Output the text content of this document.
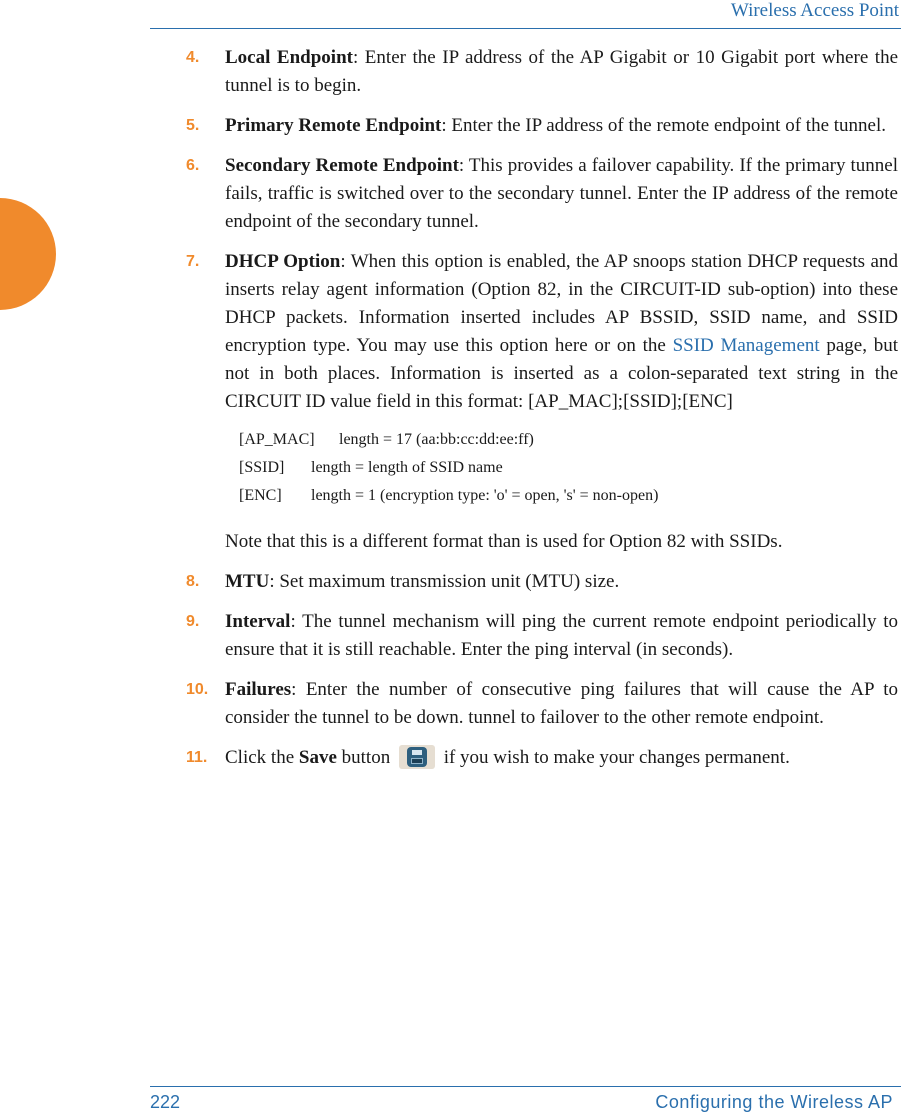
Wireless Access Point
4. Local Endpoint: Enter the IP address of the AP Gigabit or 10 Gigabit port where the tunnel is to begin.
5. Primary Remote Endpoint: Enter the IP address of the remote endpoint of the tunnel.
6. Secondary Remote Endpoint: This provides a failover capability. If the primary tunnel fails, traffic is switched over to the secondary tunnel. Enter the IP address of the remote endpoint of the secondary tunnel.
7. DHCP Option: When this option is enabled, the AP snoops station DHCP requests and inserts relay agent information (Option 82, in the CIRCUIT-ID sub-option) into these DHCP packets. Information inserted includes AP BSSID, SSID name, and SSID encryption type. You may use this option here or on the SSID Management page, but not in both places. Information is inserted as a colon-separated text string in the CIRCUIT ID value field in this format: [AP_MAC];[SSID];[ENC]
[AP_MAC]	length = 17 (aa:bb:cc:dd:ee:ff)
[SSID]	length = length of SSID name
[ENC]	length = 1 (encryption type: 'o' = open, 's' = non-open)
Note that this is a different format than is used for Option 82 with SSIDs.
8. MTU: Set maximum transmission unit (MTU) size.
9. Interval: The tunnel mechanism will ping the current remote endpoint periodically to ensure that it is still reachable. Enter the ping interval (in seconds).
10. Failures: Enter the number of consecutive ping failures that will cause the AP to consider the tunnel to be down. tunnel to failover to the other remote endpoint.
11. Click the Save button
if you wish to make your changes permanent.
222	Configuring the Wireless AP
